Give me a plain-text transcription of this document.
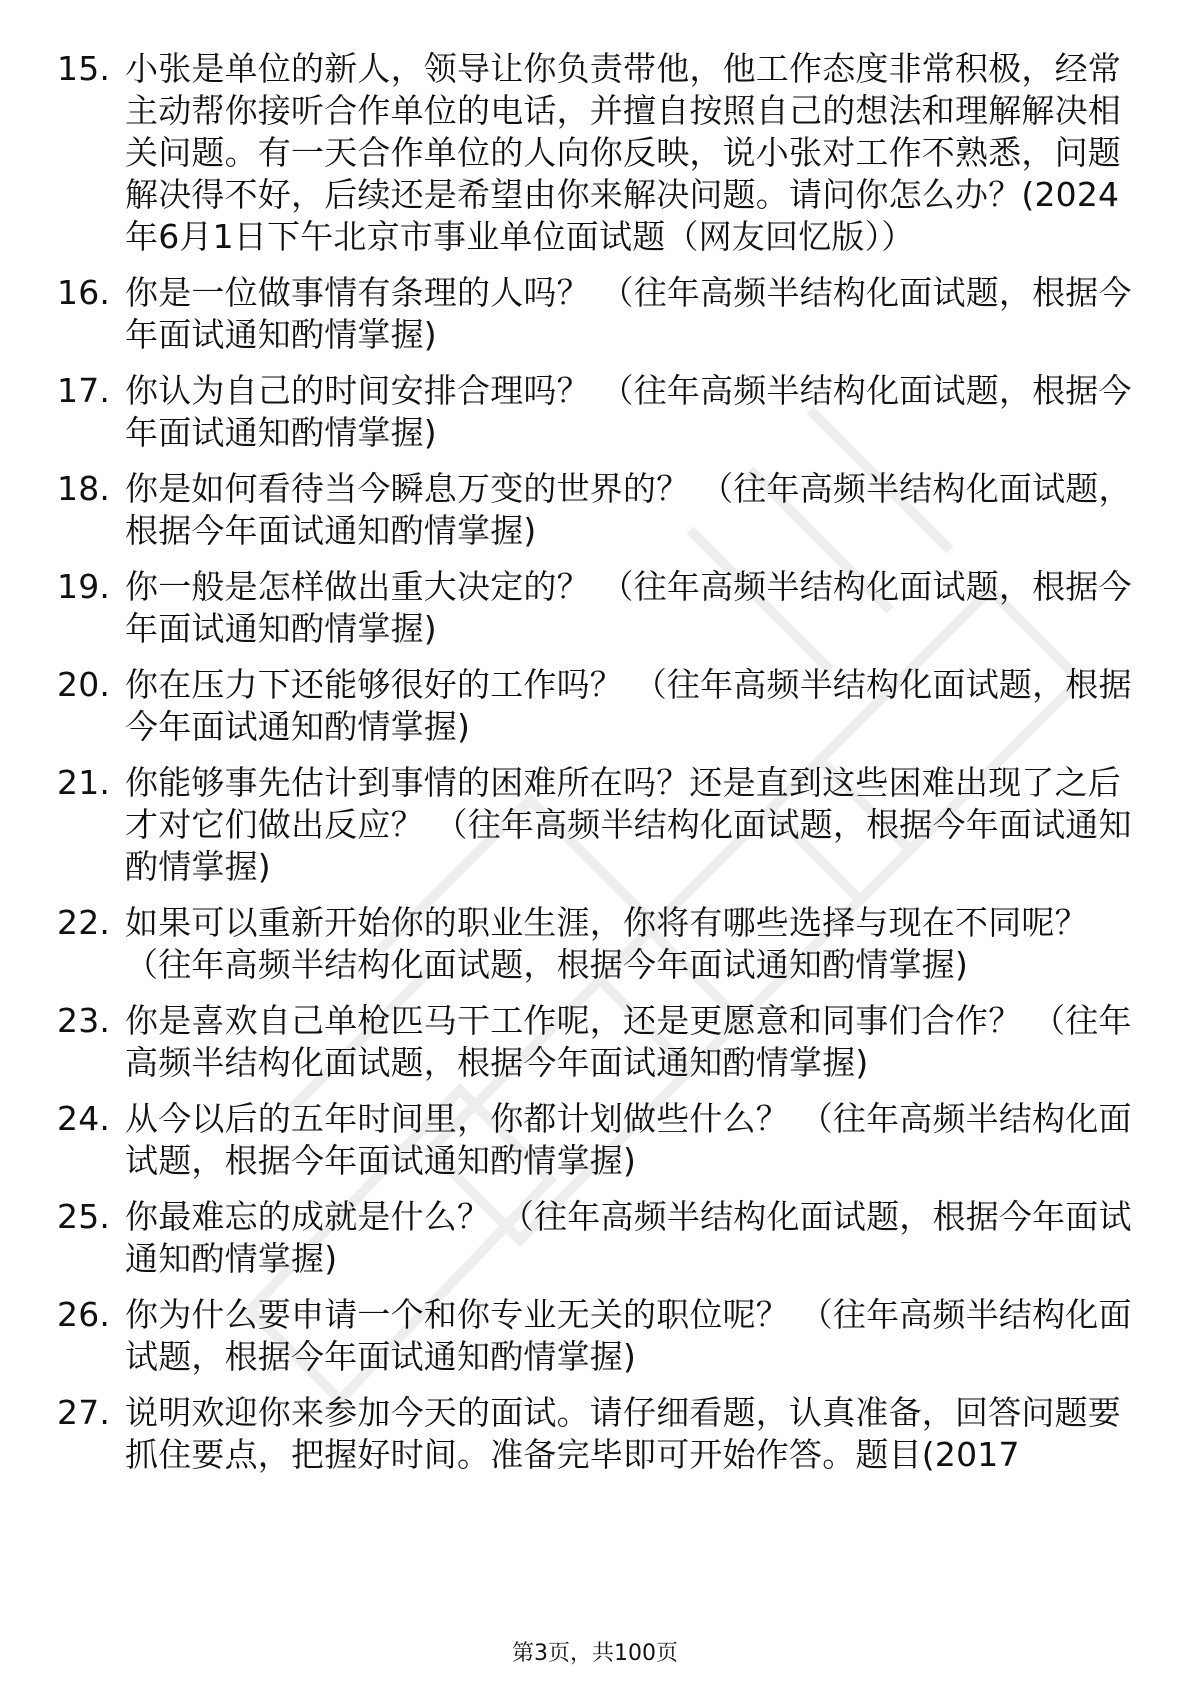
15. 小张是单位的新人，领导让你负责带他，他工作态度非常积极，经常主动帮你接听合作单位的电话，并擅自按照自己的想法和理解解决相关问题。有一天合作单位的人向你反映，说小张对工作不熟悉，问题解决得不好，后续还是希望由你来解决问题。请问你怎么办？(2024年6月1日下午北京市事业单位面试题（网友回忆版））
16. 你是一位做事情有条理的人吗？ （往年高频半结构化面试题，根据今年面试通知酌情掌握)
17. 你认为自己的时间安排合理吗？ （往年高频半结构化面试题，根据今年面试通知酌情掌握)
18. 你是如何看待当今瞬息万变的世界的？ （往年高频半结构化面试题，根据今年面试通知酌情掌握)
19. 你一般是怎样做出重大决定的？ （往年高频半结构化面试题，根据今年面试通知酌情掌握)
20. 你在压力下还能够很好的工作吗？ （往年高频半结构化面试题，根据今年面试通知酌情掌握)
21. 你能够事先估计到事情的困难所在吗？还是直到这些困难出现了之后才对它们做出反应？ （往年高频半结构化面试题，根据今年面试通知酌情掌握)
22. 如果可以重新开始你的职业生涯，你将有哪些选择与现在不同呢？ （往年高频半结构化面试题，根据今年面试通知酌情掌握)
23. 你是喜欢自己单枪匹马干工作呢，还是更愿意和同事们合作？ （往年高频半结构化面试题，根据今年面试通知酌情掌握)
24. 从今以后的五年时间里，你都计划做些什么？ （往年高频半结构化面试题，根据今年面试通知酌情掌握)
25. 你最难忘的成就是什么？ （往年高频半结构化面试题，根据今年面试通知酌情掌握)
26. 你为什么要申请一个和你专业无关的职位呢？ （往年高频半结构化面试题，根据今年面试通知酌情掌握)
27. 说明欢迎你来参加今天的面试。请仔细看题，认真准备，回答问题要抓住要点，把握好时间。准备完毕即可开始作答。题目(2017
第3页，共100页
